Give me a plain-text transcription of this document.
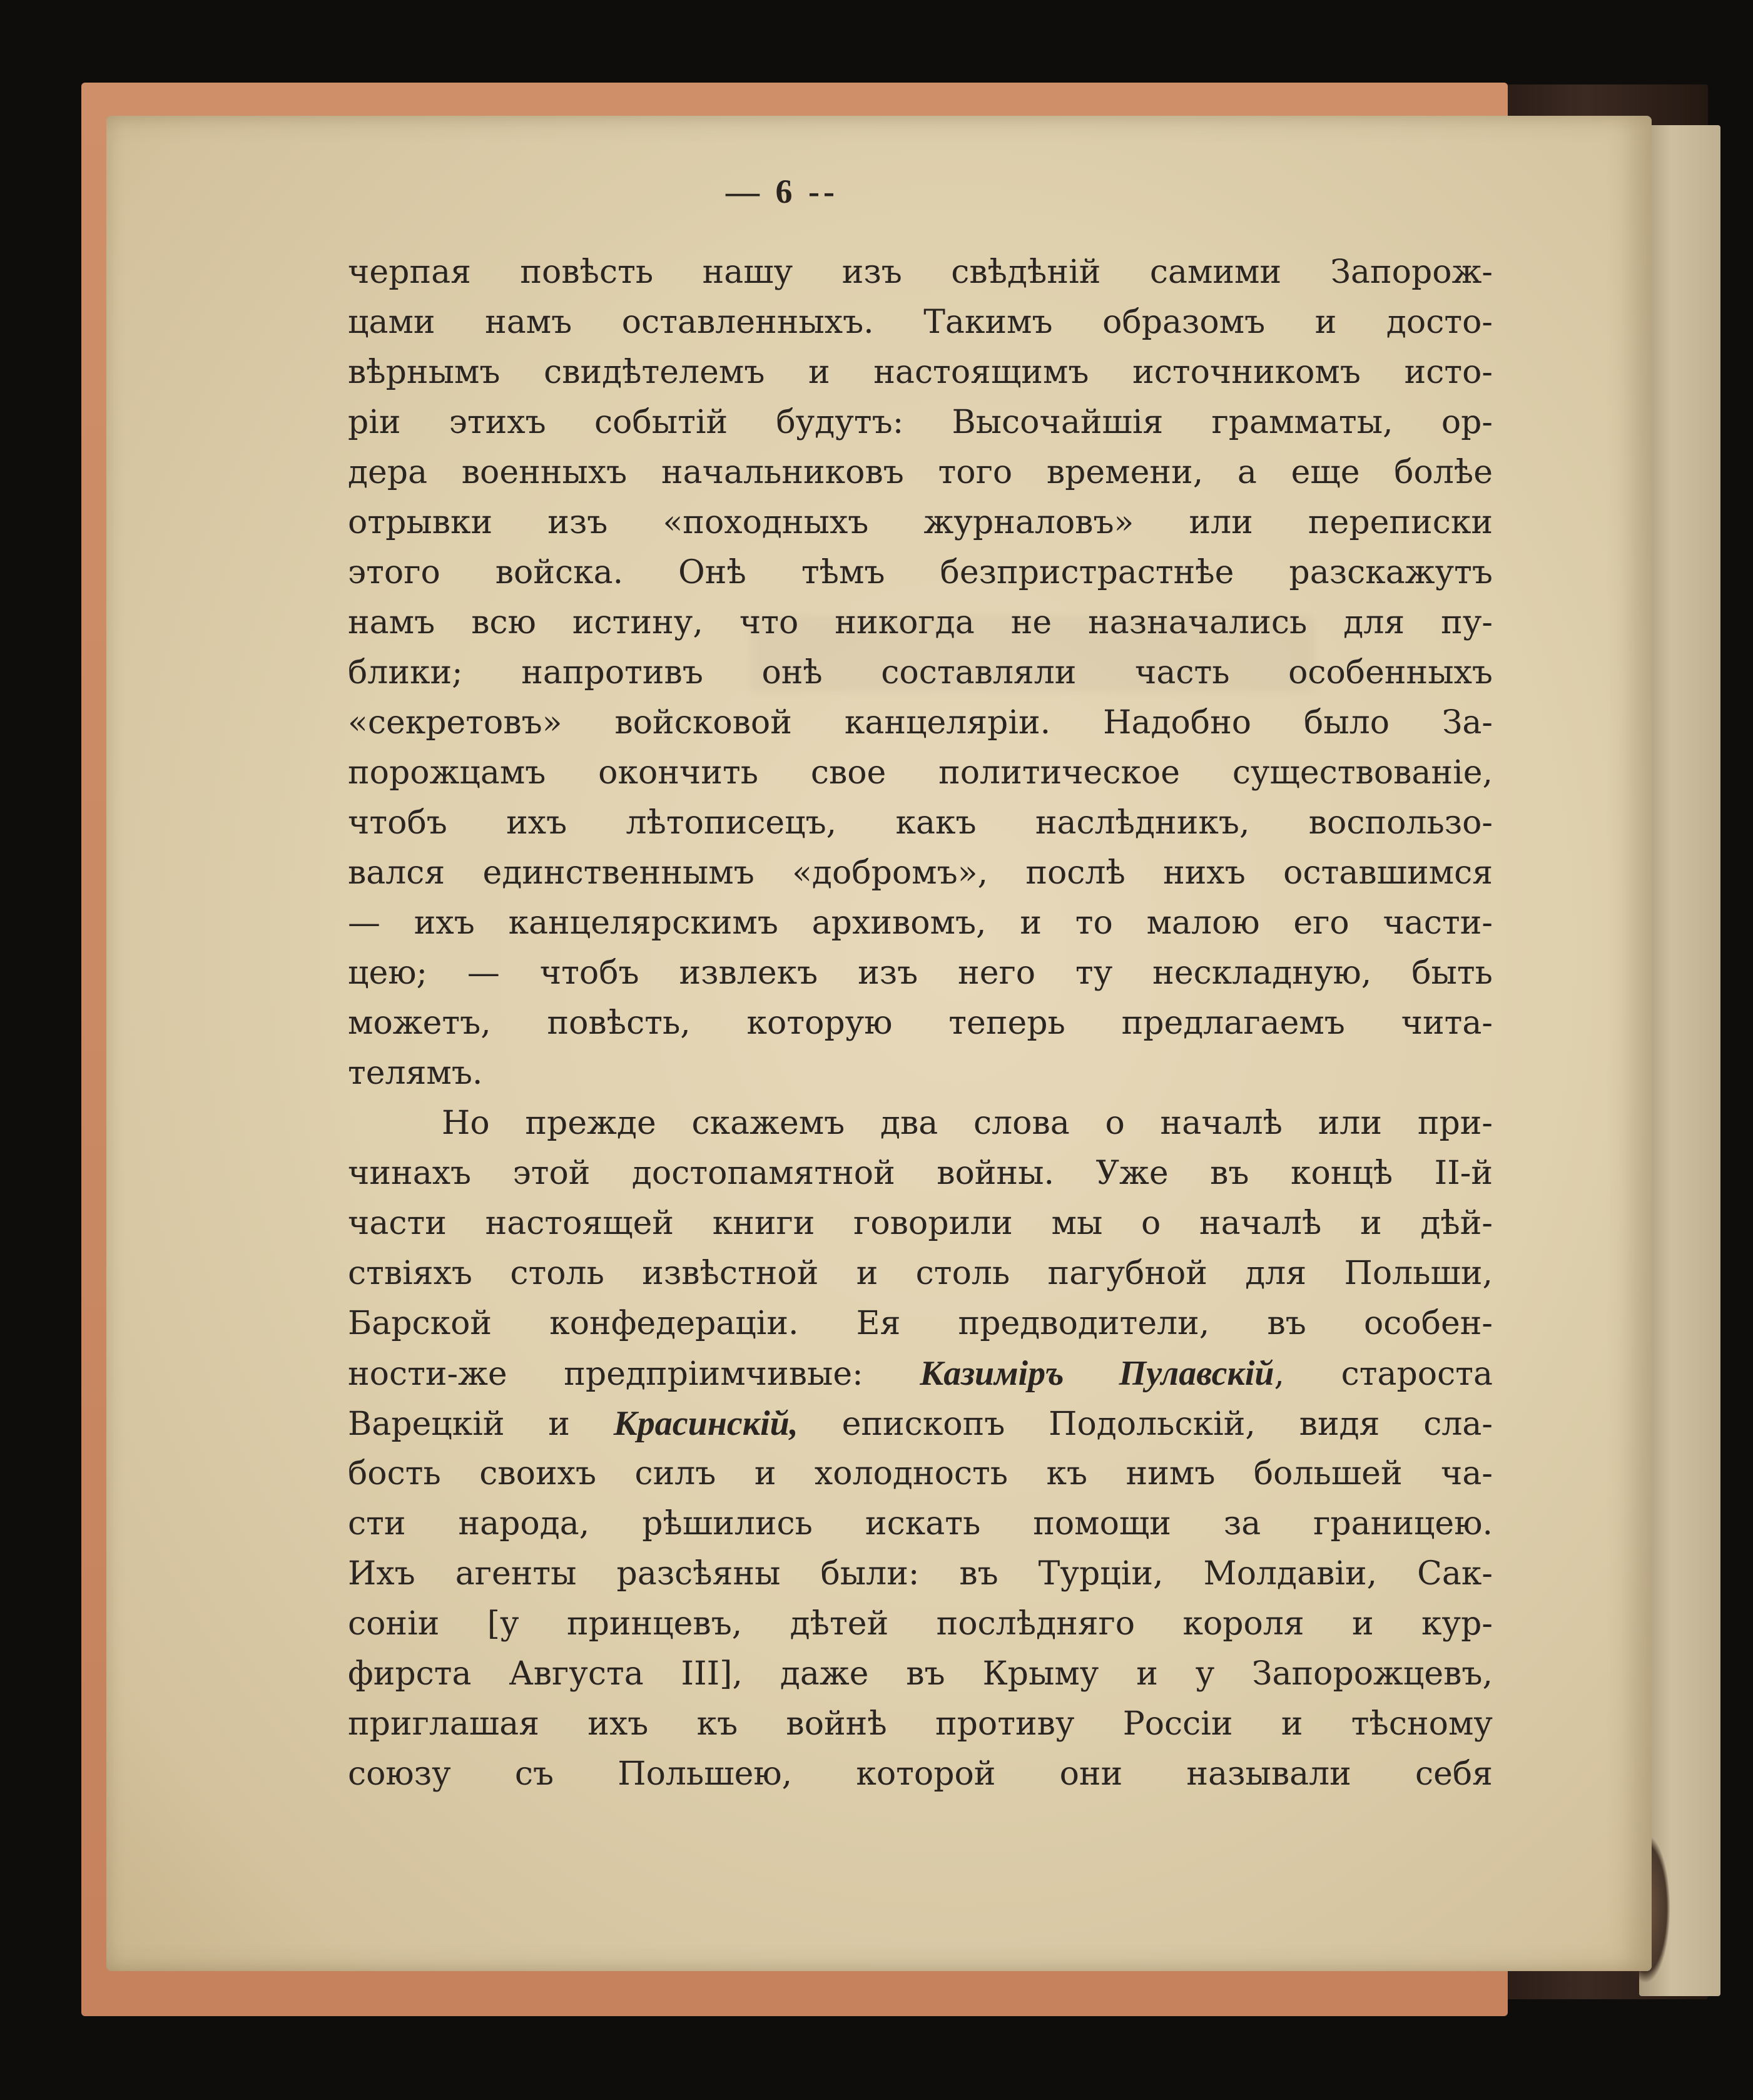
— 6 --
черпая повѣсть нашу изъ свѣдѣній самими Запорож-
цами намъ оставленныхъ. Такимъ образомъ и досто-
вѣрнымъ свидѣтелемъ и настоящимъ источникомъ исто-
ріи этихъ событій будутъ: Высочайшія грамматы, ор-
дера военныхъ начальниковъ того времени, а еще болѣе
отрывки изъ «походныхъ журналовъ» или переписки
этого войска. Онѣ тѣмъ безпристрастнѣе разскажутъ
намъ всю истину, что никогда не назначались для пу-
блики; напротивъ онѣ составляли часть особенныхъ
«секретовъ» войсковой канцеляріи. Надобно было За-
порожцамъ окончить свое политическое существованіе,
чтобъ ихъ лѣтописецъ, какъ наслѣдникъ, воспользо-
вался единственнымъ «добромъ», послѣ нихъ оставшимся
— ихъ канцелярскимъ архивомъ, и то малою его части-
цею; — чтобъ извлекъ изъ него ту нескладную, быть
можетъ, повѣсть, которую теперь предлагаемъ чита-
телямъ.
Но прежде скажемъ два слова о началѣ или при-
чинахъ этой достопамятной войны. Уже въ концѣ II-й
части настоящей книги говорили мы о началѣ и дѣй-
ствіяхъ столь извѣстной и столь пагубной для Польши,
Барской конфедераціи. Ея предводители, въ особен-
ности-же предпріимчивые: Казиміръ Пулавскій, староста
Варецкій и Красинскій, епископъ Подольскій, видя сла-
бость своихъ силъ и холодность къ нимъ большей ча-
сти народа, рѣшились искать помощи за границею.
Ихъ агенты разсѣяны были: въ Турціи, Молдавіи, Сак-
соніи [у принцевъ, дѣтей послѣдняго короля и кур-
фирста Августа III], даже въ Крыму и у Запорожцевъ,
приглашая ихъ къ войнѣ противу Россіи и тѣсному
союзу съ Польшею, которой они называли себя
